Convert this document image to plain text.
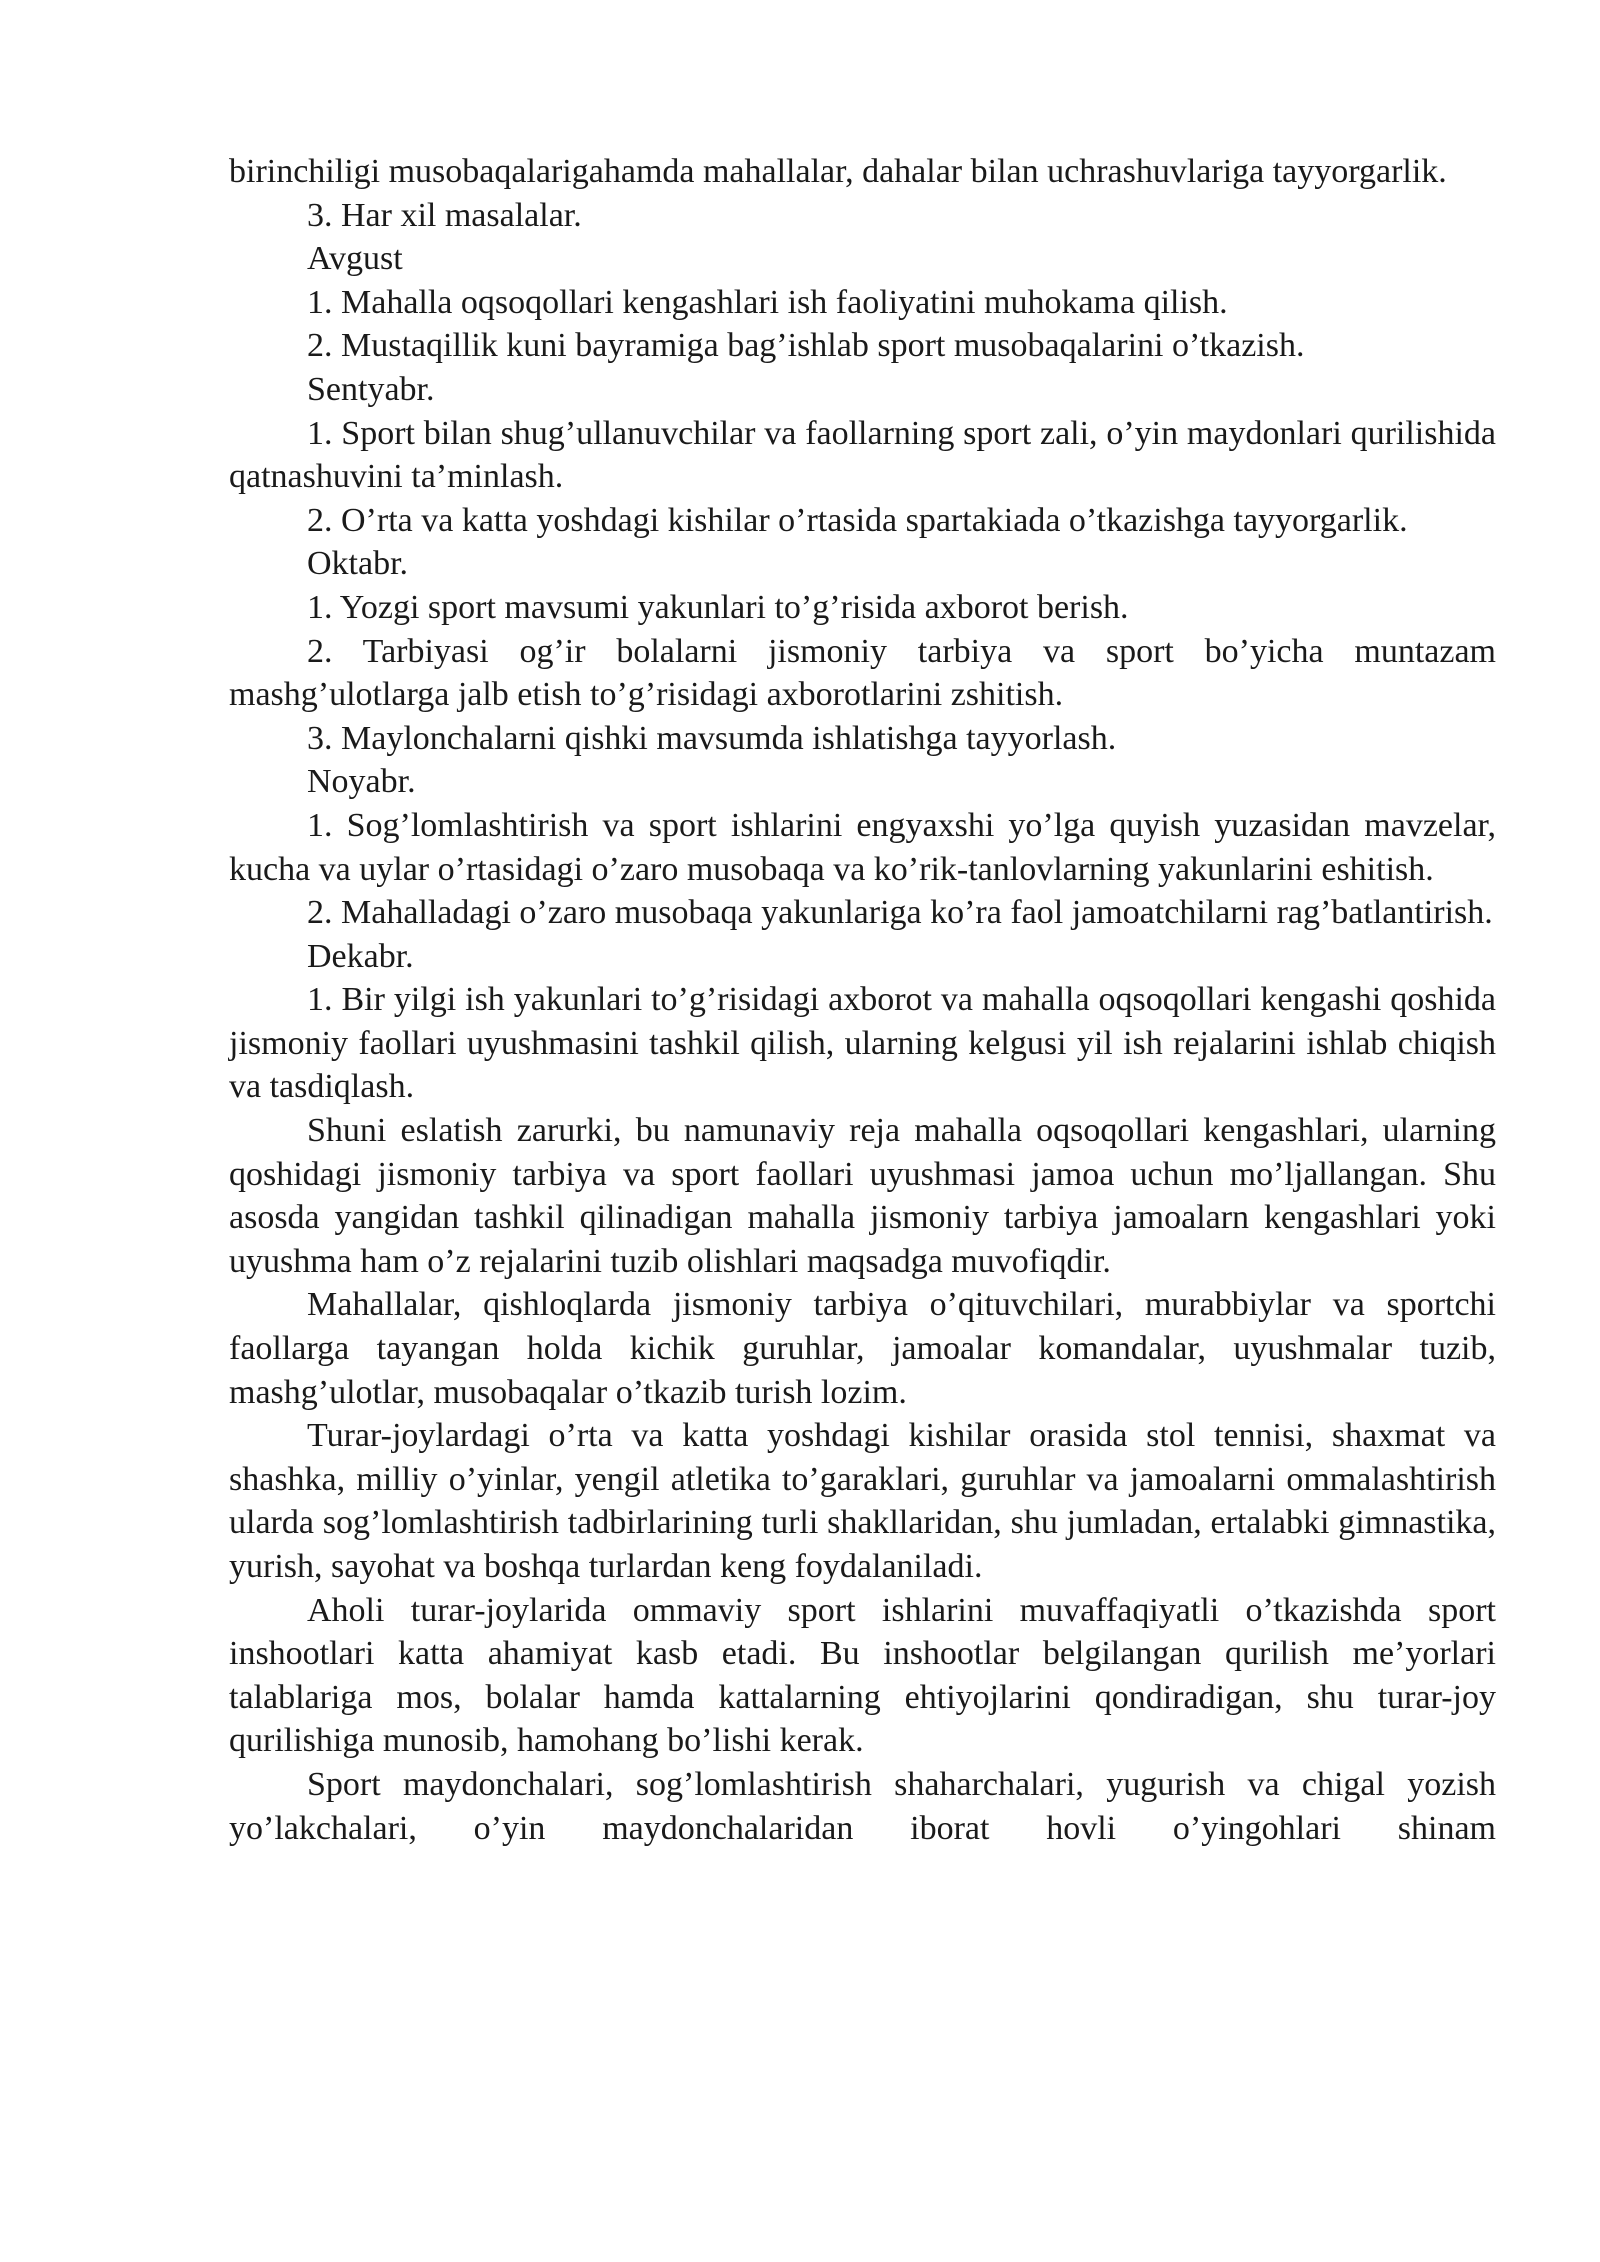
birinchiligi musobaqalarigahamda mahallalar, dahalar bilan uchrashuvlariga tayyorgarlik.

3. Har xil masalalar.

Avgust

1. Mahalla oqsoqollari kengashlari ish faoliyatini muhokama qilish.

2. Mustaqillik kuni bayramiga bag’ishlab sport musobaqalarini o’tkazish.

Sentyabr.

1. Sport bilan shug’ullanuvchilar va faollarning sport zali, o’yin maydonlari qurilishida qatnashuvini ta’minlash.

2. O’rta va katta yoshdagi kishilar o’rtasida spartakiada o’tkazishga tayyorgarlik.

Oktabr.

1. Yozgi sport mavsumi yakunlari to’g’risida axborot berish.

2. Tarbiyasi og’ir bolalarni jismoniy tarbiya va sport bo’yicha muntazam mashg’ulotlarga jalb etish to’g’risidagi axborotlarini zshitish.

3. Maylonchalarni qishki mavsumda ishlatishga tayyorlash.

Noyabr.

1. Sog’lomlashtirish va sport ishlarini engyaxshi yo’lga quyish yuzasidan mavzelar, kucha va uylar o’rtasidagi o’zaro musobaqa va ko’rik-tanlovlarning yakunlarini eshitish.

2. Mahalladagi o’zaro musobaqa yakunlariga ko’ra faol jamoatchilarni rag’batlantirish.

Dekabr.

1. Bir yilgi ish yakunlari to’g’risidagi axborot va mahalla oqsoqollari kengashi qoshida jismoniy faollari uyushmasini tashkil qilish, ularning kelgusi yil ish rejalarini ishlab chiqish va tasdiqlash.

Shuni eslatish zarurki, bu namunaviy reja mahalla oqsoqollari kengashlari, ularning qoshidagi jismoniy tarbiya va sport faollari uyushmasi jamoa uchun mo’ljallangan. Shu asosda yangidan tashkil qilinadigan mahalla jismoniy tarbiya jamoalarn kengashlari yoki uyushma ham o’z rejalarini tuzib olishlari maqsadga muvofiqdir.

Mahallalar, qishloqlarda jismoniy tarbiya o’qituvchilari, murabbiylar va sportchi faollarga tayangan holda kichik guruhlar, jamoalar komandalar, uyushmalar tuzib, mashg’ulotlar, musobaqalar o’tkazib turish lozim.

Turar-joylardagi o’rta va katta yoshdagi kishilar orasida stol tennisi, shaxmat va shashka, milliy o’yinlar, yengil atletika to’garaklari, guruhlar va jamoalarni ommalashtirish ularda sog’lomlashtirish tadbirlarining turli shakllaridan, shu jumladan, ertalabki gimnastika, yurish, sayohat va boshqa turlardan keng foydalaniladi.

Aholi turar-joylarida ommaviy sport ishlarini muvaffaqiyatli o’tkazishda sport inshootlari katta ahamiyat kasb etadi. Bu inshootlar belgilangan qurilish me’yorlari talablariga mos, bolalar hamda kattalarning ehtiyojlarini qondiradigan, shu turar-joy qurilishiga munosib, hamohang bo’lishi kerak.

Sport maydonchalari, sog’lomlashtirish shaharchalari, yugurish va chigal yozish yo’lakchalari, o’yin maydonchalaridan iborat hovli o’yingohlari shinam
